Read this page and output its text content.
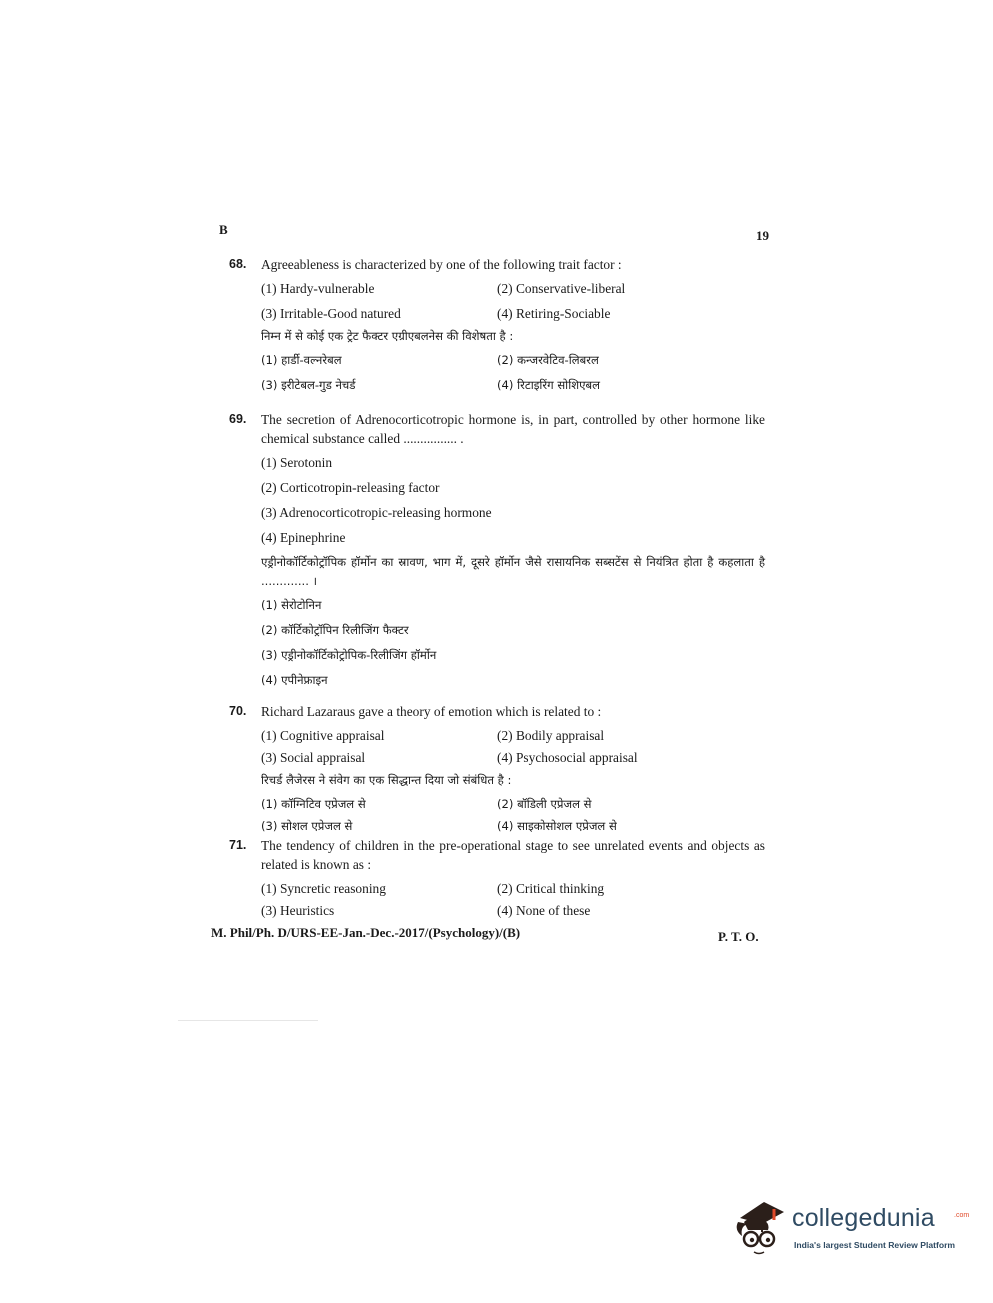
B	19
68. Agreeableness is characterized by one of the following trait factor :
(1) Hardy-vulnerable	(2) Conservative-liberal
(3) Irritable-Good natured	(4) Retiring-Sociable
निम्न में से कोई एक ट्रेट फैक्टर एग्रीएबलनेस की विशेषता है :
(1) हार्डी-वल्नरेबल	(2) कन्जरवेटिव-लिबरल
(3) इरीटेबल-गुड नेचर्ड	(4) रिटाइरिंग सोशिएबल
69. The secretion of Adrenocorticotropic hormone is, in part, controlled by other hormone like chemical substance called ................ .
(1) Serotonin
(2) Corticotropin-releasing factor
(3) Adrenocorticotropic-releasing hormone
(4) Epinephrine
एड्रीनोकॉर्टिकोट्रॉपिक हॉर्मोन का स्रावण, भाग में, दूसरे हॉर्मोन जैसे रासायनिक सब्सटेंस से नियंत्रित होता है कहलाता है ............. ।
(1) सेरोटोनिन
(2) कॉर्टिकोट्रॉपिन रिलीजिंग फैक्टर
(3) एड्रीनोकॉर्टिकोट्रोपिक-रिलीजिंग हॉर्मोन
(4) एपीनेफ्राइन
70. Richard Lazaraus gave a theory of emotion which is related to :
(1) Cognitive appraisal	(2) Bodily appraisal
(3) Social appraisal	(4) Psychosocial appraisal
रिचर्ड लैजेरस ने संवेग का एक सिद्धान्त दिया जो संबंधित है :
(1) कॉग्निटिव एप्रेजल से	(2) बॉडिली एप्रेजल से
(3) सोशल एप्रेजल से	(4) साइकोसोशल एप्रेजल से
71. The tendency of children in the pre-operational stage to see unrelated events and objects as related is known as :
(1) Syncretic reasoning	(2) Critical thinking
(3) Heuristics	(4) None of these
M. Phil/Ph. D/URS-EE-Jan.-Dec.-2017/(Psychology)/(B)	P. T. O.
collegedunia	.com
India's largest Student Review Platform
